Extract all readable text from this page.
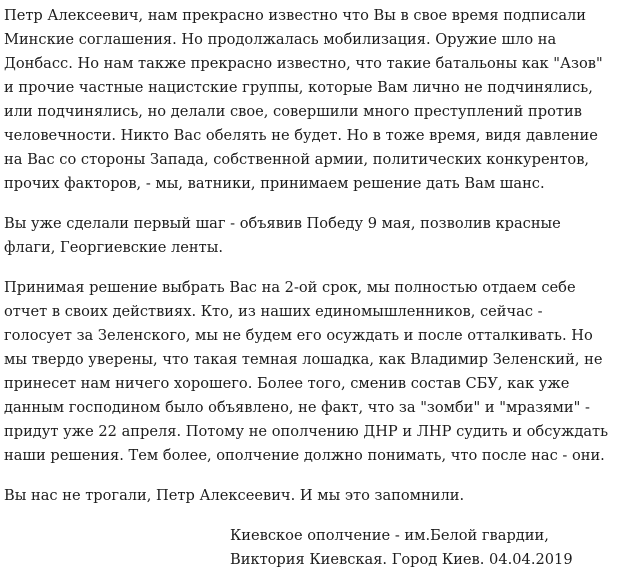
Петр Алексеевич, нам прекрасно известно что Вы в свое время подписали
Минские соглашения. Но продолжалась мобилизация. Оружие шло на
Донбасс. Но нам также прекрасно известно, что такие батальоны как "Азов"
и прочие частные нацистские группы, которые Вам лично не подчинялись,
или подчинялись, но делали свое, совершили много преступлений против
человечности. Никто Вас обелять не будет. Но в тоже время, видя давление
на Вас со стороны Запада, собственной армии, политических конкурентов,
прочих факторов, - мы, ватники, принимаем решение дать Вам шанс.

Вы уже сделали первый шаг - объявив Победу 9 мая, позволив красные
флаги, Георгиевские ленты.

Принимая решение выбрать Вас на 2-ой срок, мы полностью отдаем себе
отчет в своих действиях. Кто, из наших единомышленников, сейчас -
голосует за Зеленского, мы не будем его осуждать и после отталкивать. Но
мы твердо уверены, что такая темная лошадка, как Владимир Зеленский, не
принесет нам ничего хорошего. Более того, сменив состав СБУ, как уже
данным господином было объявлено, не факт, что за "зомби" и "мразями" -
придут уже 22 апреля. Потому не ополчению ДНР и ЛНР судить и обсуждать
наши решения. Тем более, ополчение должно понимать, что после нас - они.

Вы нас не трогали, Петр Алексеевич. И мы это запомнили.

Киевское ополчение - им.Белой гвардии,
Виктория Киевская. Город Киев. 04.04.2019
